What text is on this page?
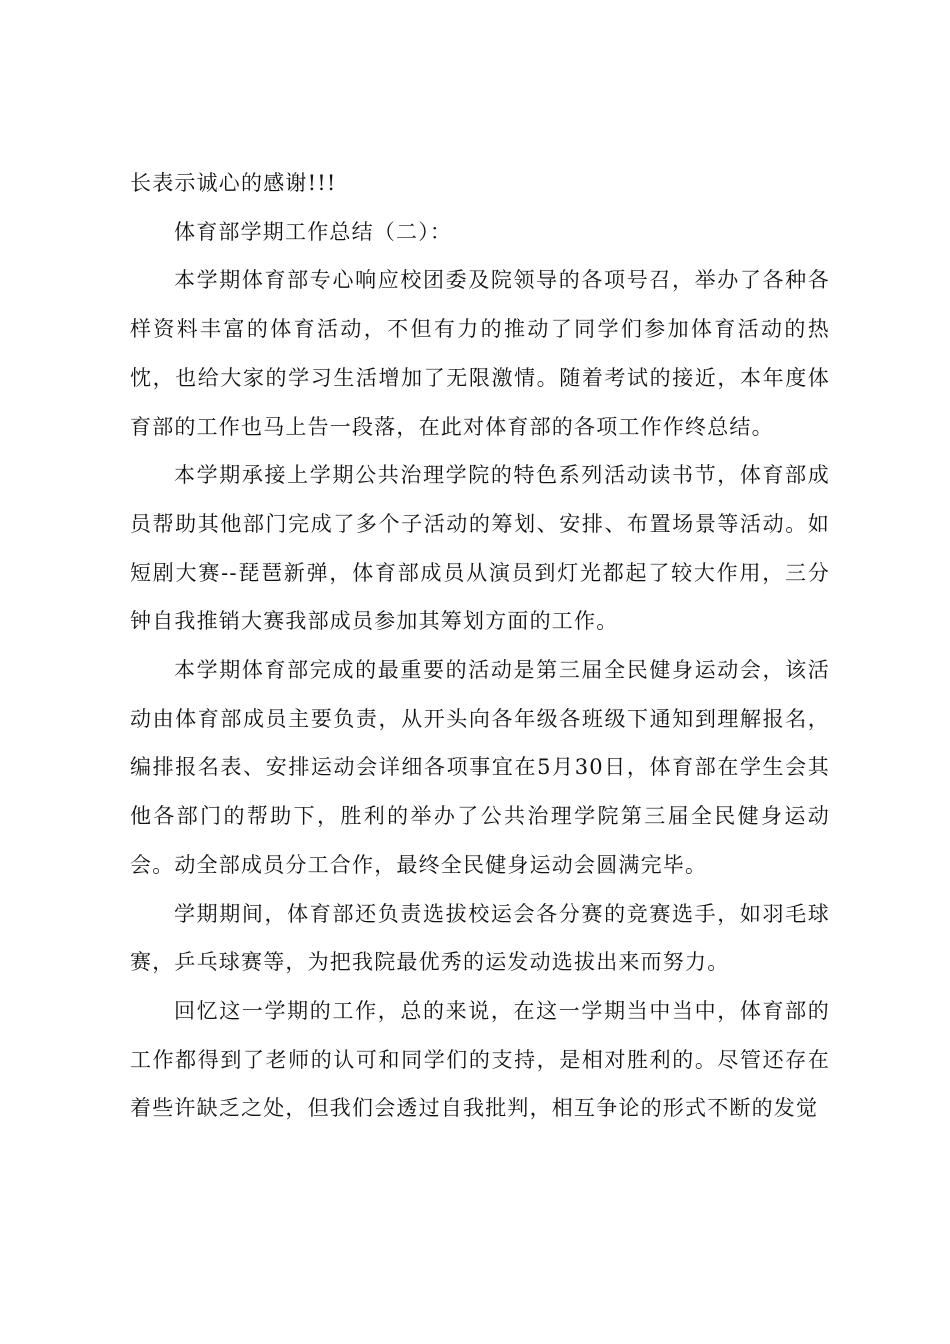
长表示诚心的感谢!!!

体育部学期工作总结（二）：

本学期体育部专心响应校团委及院领导的各项号召，举办了各种各样资料丰富的体育活动，不但有力的推动了同学们参加体育活动的热忱，也给大家的学习生活增加了无限激情。随着考试的接近，本年度体育部的工作也马上告一段落，在此对体育部的各项工作作终总结。

本学期承接上学期公共治理学院的特色系列活动读书节，体育部成员帮助其他部门完成了多个子活动的筹划、安排、布置场景等活动。如短剧大赛--琵琶新弹，体育部成员从演员到灯光都起了较大作用，三分钟自我推销大赛我部成员参加其筹划方面的工作。

本学期体育部完成的最重要的活动是第三届全民健身运动会，该活动由体育部成员主要负责，从开头向各年级各班级下通知到理解报名，编排报名表、安排运动会详细各项事宜在5月30日，体育部在学生会其他各部门的帮助下，胜利的举办了公共治理学院第三届全民健身运动会。动全部成员分工合作，最终全民健身运动会圆满完毕。

学期期间，体育部还负责选拔校运会各分赛的竞赛选手，如羽毛球赛，乒乓球赛等，为把我院最优秀的运发动选拔出来而努力。

回忆这一学期的工作，总的来说，在这一学期当中当中，体育部的工作都得到了老师的认可和同学们的支持，是相对胜利的。尽管还存在着些许缺乏之处，但我们会透过自我批判，相互争论的形式不断的发觉
